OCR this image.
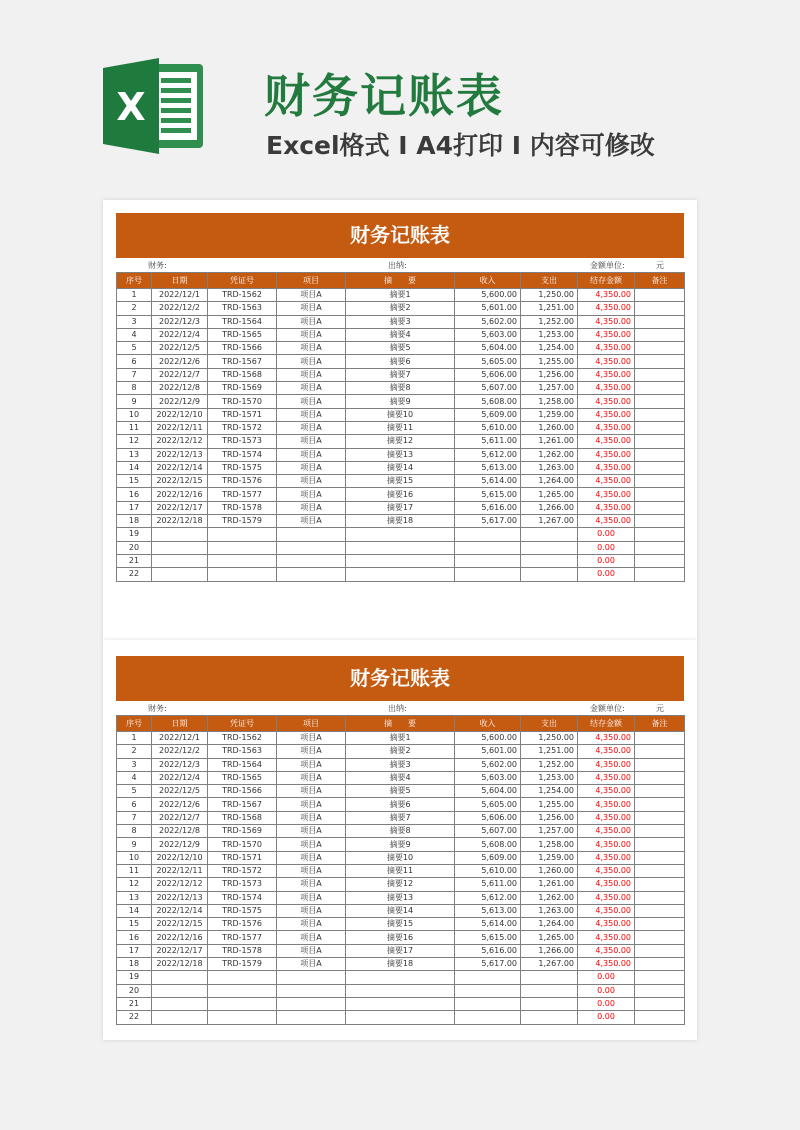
X	财务记账表
Excel格式 I A4打印 I 内容可修改
财务记账表
财务:	出纳:	金额单位:	元
序号	日期	凭证号	项目	摘　　要	收入	支出	结存金额	备注
1	2022/12/1	TRD-1562	项目A	摘要1	5,600.00	1,250.00	4,350.00	
2	2022/12/2	TRD-1563	项目A	摘要2	5,601.00	1,251.00	4,350.00	
3	2022/12/3	TRD-1564	项目A	摘要3	5,602.00	1,252.00	4,350.00	
4	2022/12/4	TRD-1565	项目A	摘要4	5,603.00	1,253.00	4,350.00	
5	2022/12/5	TRD-1566	项目A	摘要5	5,604.00	1,254.00	4,350.00	
6	2022/12/6	TRD-1567	项目A	摘要6	5,605.00	1,255.00	4,350.00	
7	2022/12/7	TRD-1568	项目A	摘要7	5,606.00	1,256.00	4,350.00	
8	2022/12/8	TRD-1569	项目A	摘要8	5,607.00	1,257.00	4,350.00	
9	2022/12/9	TRD-1570	项目A	摘要9	5,608.00	1,258.00	4,350.00	
10	2022/12/10	TRD-1571	项目A	摘要10	5,609.00	1,259.00	4,350.00	
11	2022/12/11	TRD-1572	项目A	摘要11	5,610.00	1,260.00	4,350.00	
12	2022/12/12	TRD-1573	项目A	摘要12	5,611.00	1,261.00	4,350.00	
13	2022/12/13	TRD-1574	项目A	摘要13	5,612.00	1,262.00	4,350.00	
14	2022/12/14	TRD-1575	项目A	摘要14	5,613.00	1,263.00	4,350.00	
15	2022/12/15	TRD-1576	项目A	摘要15	5,614.00	1,264.00	4,350.00	
16	2022/12/16	TRD-1577	项目A	摘要16	5,615.00	1,265.00	4,350.00	
17	2022/12/17	TRD-1578	项目A	摘要17	5,616.00	1,266.00	4,350.00	
18	2022/12/18	TRD-1579	项目A	摘要18	5,617.00	1,267.00	4,350.00	
19							0.00	
20							0.00	
21							0.00	
22							0.00	
财务记账表
财务:	出纳:	金额单位:	元
序号	日期	凭证号	项目	摘　　要	收入	支出	结存金额	备注
1	2022/12/1	TRD-1562	项目A	摘要1	5,600.00	1,250.00	4,350.00	
2	2022/12/2	TRD-1563	项目A	摘要2	5,601.00	1,251.00	4,350.00	
3	2022/12/3	TRD-1564	项目A	摘要3	5,602.00	1,252.00	4,350.00	
4	2022/12/4	TRD-1565	项目A	摘要4	5,603.00	1,253.00	4,350.00	
5	2022/12/5	TRD-1566	项目A	摘要5	5,604.00	1,254.00	4,350.00	
6	2022/12/6	TRD-1567	项目A	摘要6	5,605.00	1,255.00	4,350.00	
7	2022/12/7	TRD-1568	项目A	摘要7	5,606.00	1,256.00	4,350.00	
8	2022/12/8	TRD-1569	项目A	摘要8	5,607.00	1,257.00	4,350.00	
9	2022/12/9	TRD-1570	项目A	摘要9	5,608.00	1,258.00	4,350.00	
10	2022/12/10	TRD-1571	项目A	摘要10	5,609.00	1,259.00	4,350.00	
11	2022/12/11	TRD-1572	项目A	摘要11	5,610.00	1,260.00	4,350.00	
12	2022/12/12	TRD-1573	项目A	摘要12	5,611.00	1,261.00	4,350.00	
13	2022/12/13	TRD-1574	项目A	摘要13	5,612.00	1,262.00	4,350.00	
14	2022/12/14	TRD-1575	项目A	摘要14	5,613.00	1,263.00	4,350.00	
15	2022/12/15	TRD-1576	项目A	摘要15	5,614.00	1,264.00	4,350.00	
16	2022/12/16	TRD-1577	项目A	摘要16	5,615.00	1,265.00	4,350.00	
17	2022/12/17	TRD-1578	项目A	摘要17	5,616.00	1,266.00	4,350.00	
18	2022/12/18	TRD-1579	项目A	摘要18	5,617.00	1,267.00	4,350.00	
19							0.00	
20							0.00	
21							0.00	
22							0.00	
